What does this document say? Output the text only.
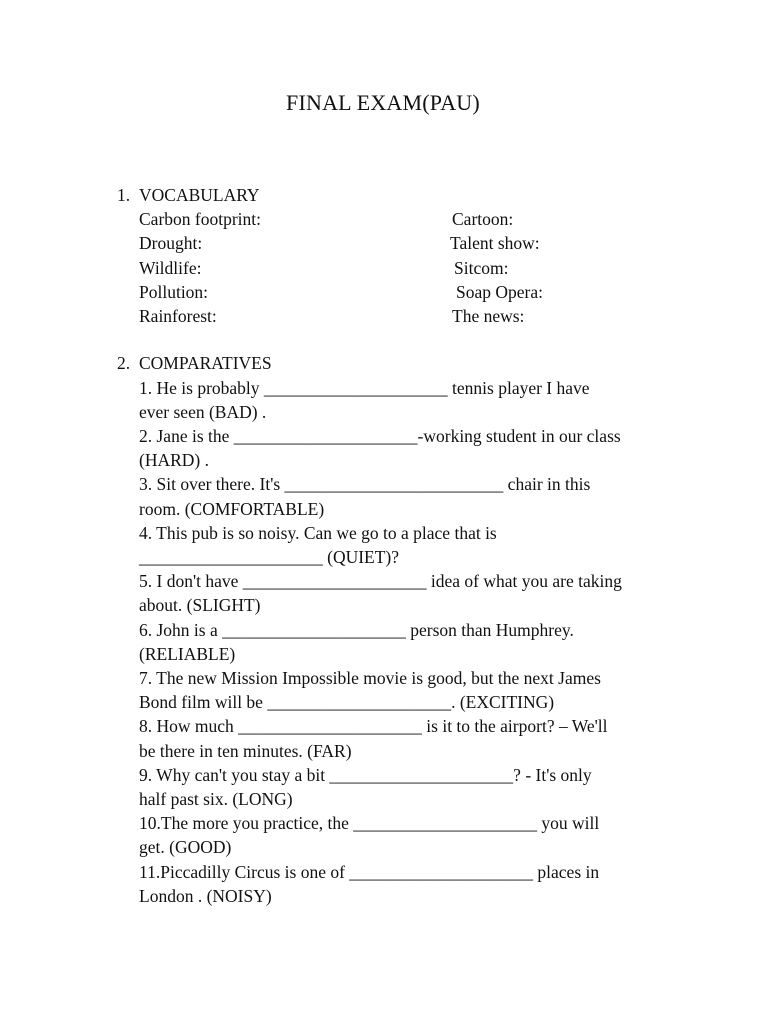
FINAL EXAM(PAU)
1. VOCABULARY
Carbon footprint:	Cartoon:
Drought:	Talent show:
Wildlife:	Sitcom:
Pollution:	Soap Opera:
Rainforest:	The news:
2. COMPARATIVES

1. He is probably _____________________ tennis player I have
ever seen (BAD) .

2. Jane is the _____________________-working student in our class
(HARD) .

3. Sit over there. It's _________________________ chair in this
room. (COMFORTABLE)

4. This pub is so noisy. Can we go to a place that is
_____________________ (QUIET)?

5. I don't have _____________________ idea of what you are taking
about. (SLIGHT)

6. John is a _____________________ person than Humphrey.
(RELIABLE)

7. The new Mission Impossible movie is good, but the next James
Bond film will be _____________________. (EXCITING)

8. How much _____________________ is it to the airport? – We'll
be there in ten minutes. (FAR)

9. Why can't you stay a bit _____________________? - It's only
half past six. (LONG)

10.The more you practice, the _____________________ you will
get. (GOOD)

11.Piccadilly Circus is one of _____________________ places in
London . (NOISY)
